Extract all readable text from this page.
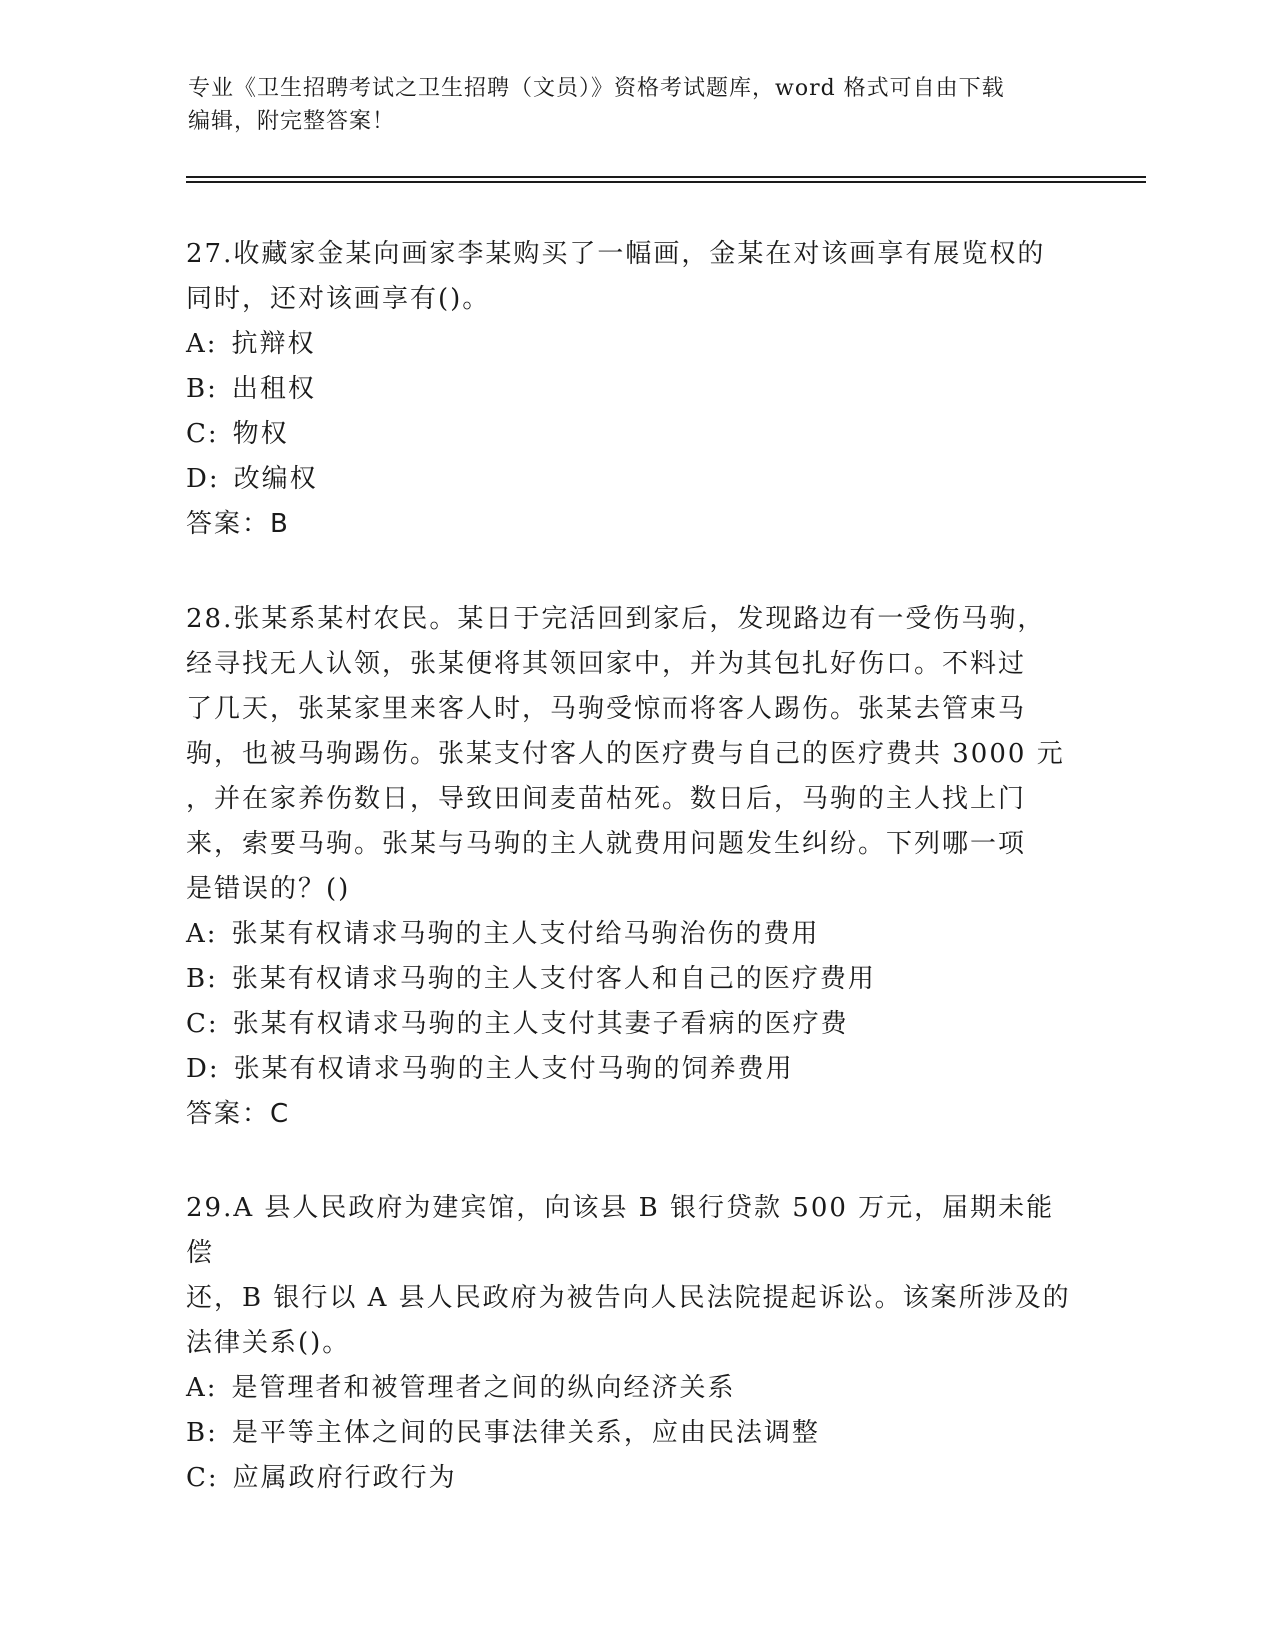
专业《卫生招聘考试之卫生招聘（文员）》资格考试题库，word 格式可自由下载
编辑，附完整答案！
27.收藏家金某向画家李某购买了一幅画，金某在对该画享有展览权的
同时，还对该画享有()。
A: 抗辩权
B: 出租权
C: 物权
D: 改编权
答案：B
28.张某系某村农民。某日于完活回到家后，发现路边有一受伤马驹，
经寻找无人认领，张某便将其领回家中，并为其包扎好伤口。不料过
了几天，张某家里来客人时，马驹受惊而将客人踢伤。张某去管束马
驹，也被马驹踢伤。张某支付客人的医疗费与自己的医疗费共 3000 元
，并在家养伤数日，导致田间麦苗枯死。数日后，马驹的主人找上门
来，索要马驹。张某与马驹的主人就费用问题发生纠纷。下列哪一项
是错误的？()
A: 张某有权请求马驹的主人支付给马驹治伤的费用
B: 张某有权请求马驹的主人支付客人和自己的医疗费用
C: 张某有权请求马驹的主人支付其妻子看病的医疗费
D: 张某有权请求马驹的主人支付马驹的饲养费用
答案：C
29.A 县人民政府为建宾馆，向该县 B 银行贷款 500 万元，届期未能偿
还，B 银行以 A 县人民政府为被告向人民法院提起诉讼。该案所涉及的
法律关系()。
A: 是管理者和被管理者之间的纵向经济关系
B: 是平等主体之间的民事法律关系，应由民法调整
C: 应属政府行政行为
